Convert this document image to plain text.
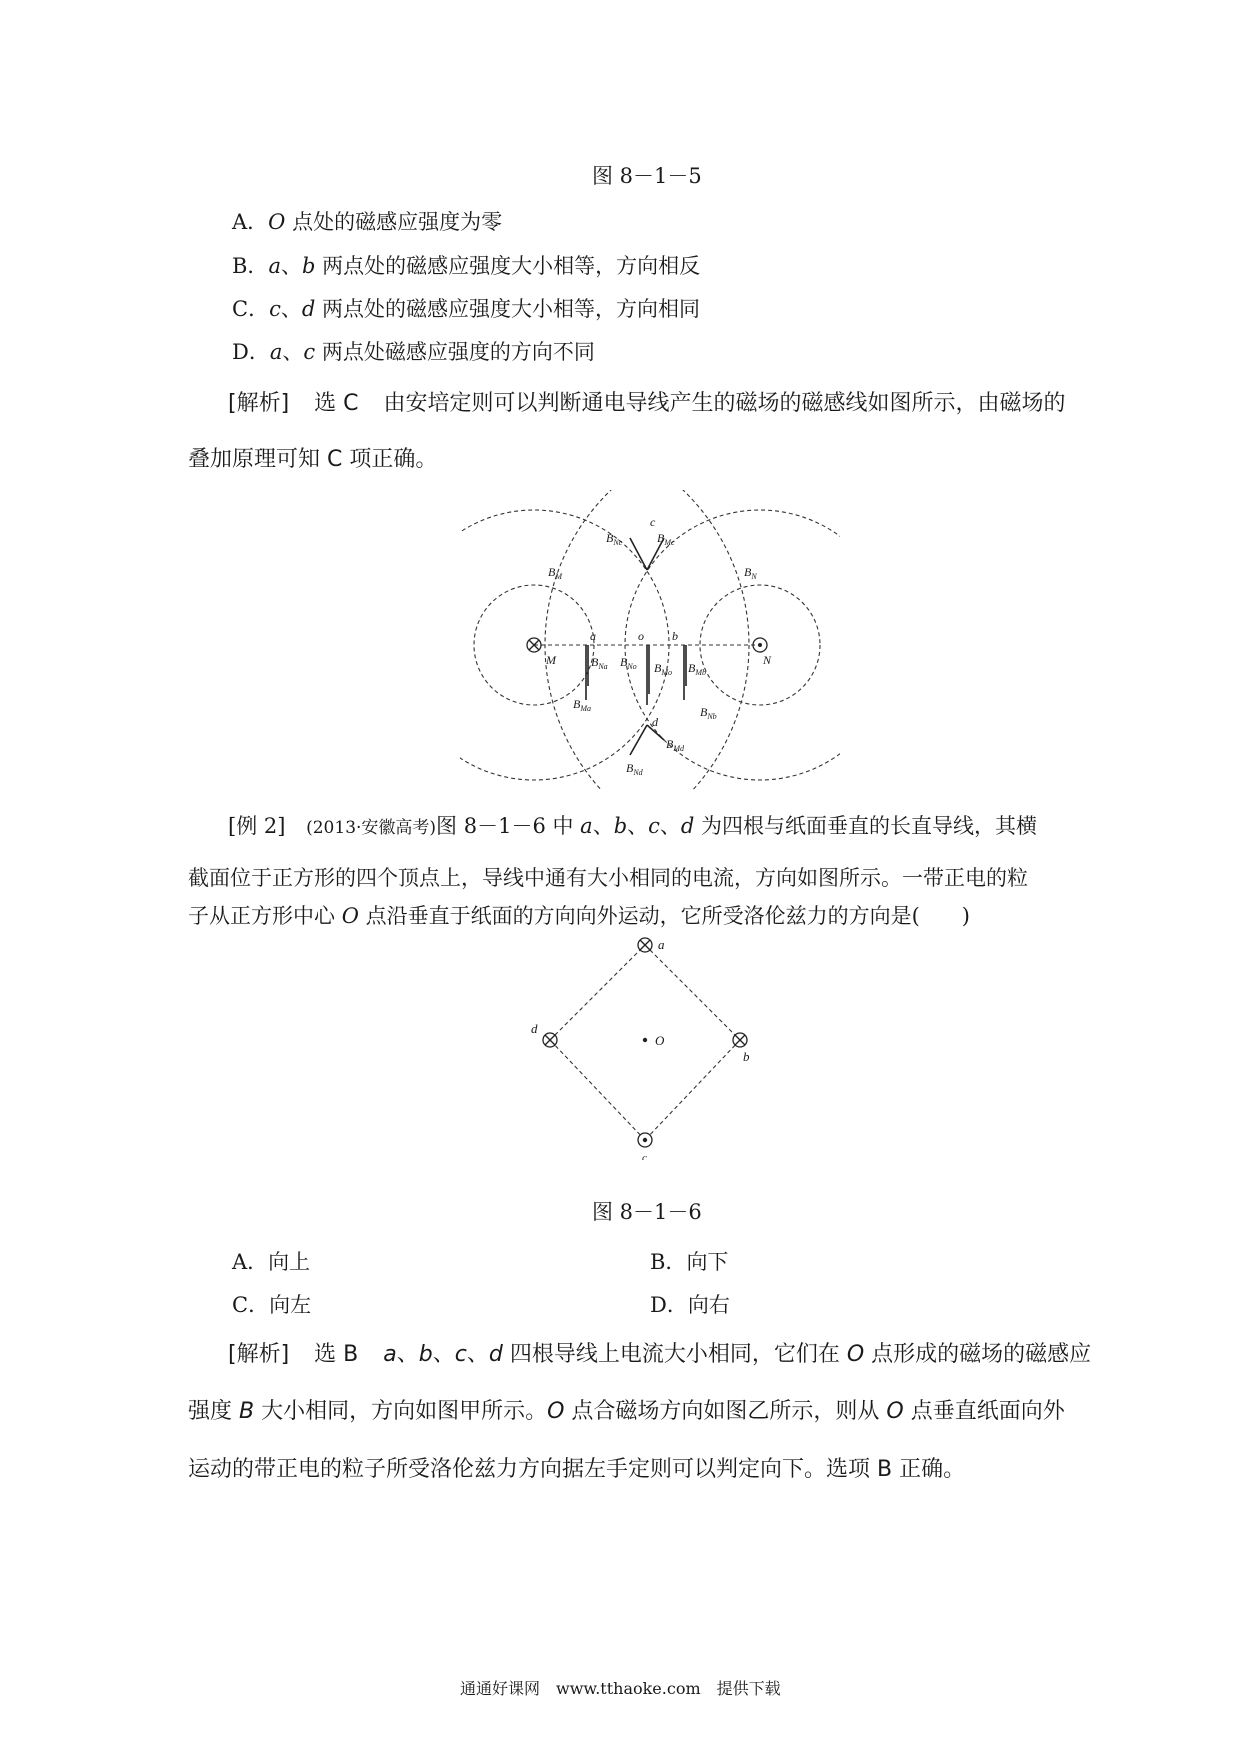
图 8－1－5
A．O 点处的磁感应强度为零
B．a、b 两点处的磁感应强度大小相等，方向相反
C．c、d 两点处的磁感应强度大小相等，方向相同
D．a、c 两点处磁感应强度的方向不同
[解析] 选 C 由安培定则可以判断通电导线产生的磁场的磁感线如图所示，由磁场的
叠加原理可知 C 项正确。
$B_M$	$B_N$
M	N
a	b
c
d
o
$B_{Nc}$	$B_{Mc}$
$B_{Na}$
$B_{Ma}$
$B_{No}$ $B_{Mo}$ $B_{Mb}$
$B_{Nb}$
$B_{Nd}$
$B_{Md}$
[例 2] (2013·安徽高考)图 8－1－6 中 a、b、c、d 为四根与纸面垂直的长直导线，其横
截面位于正方形的四个顶点上，导线中通有大小相同的电流，方向如图所示。一带正电的粒
子从正方形中心 O 点沿垂直于纸面的方向向外运动，它所受洛伦兹力的方向是(　　)
a
b
c
d
O
图 8－1－6
A．向上	B．向下
C．向左	D．向右
[解析] 选 B a、b、c、d 四根导线上电流大小相同，它们在 O 点形成的磁场的磁感应
强度 B 大小相同，方向如图甲所示。O 点合磁场方向如图乙所示，则从 O 点垂直纸面向外
运动的带正电的粒子所受洛伦兹力方向据左手定则可以判定向下。选项 B 正确。
通通好课网　www.tthaoke.com　提供下载
